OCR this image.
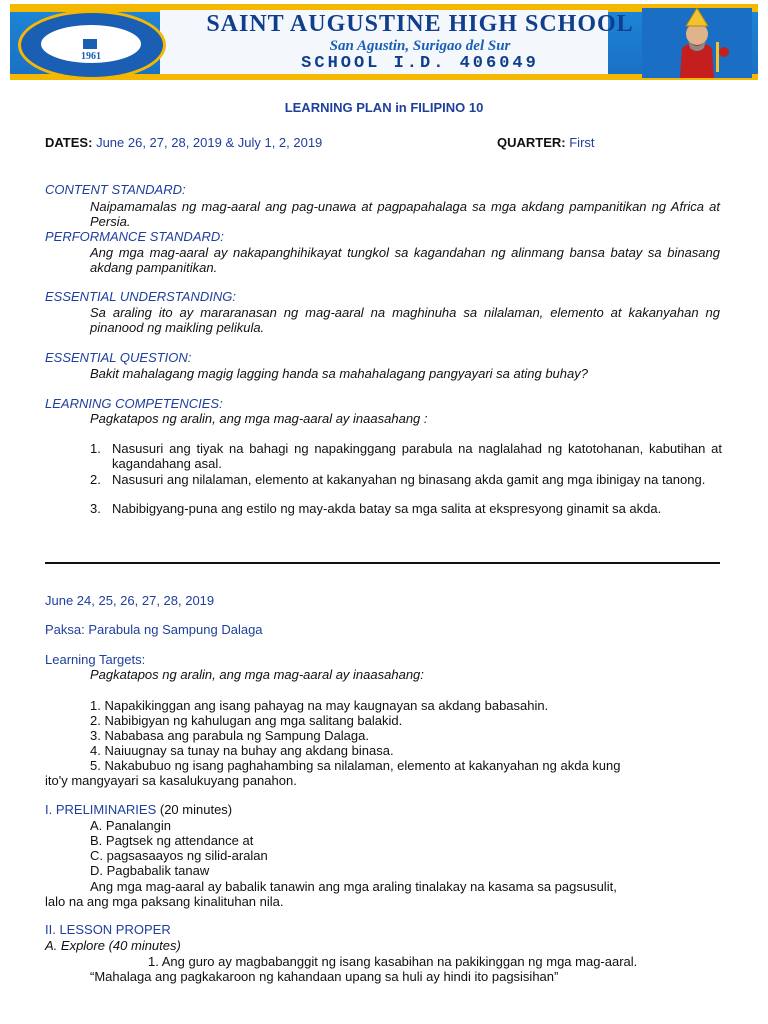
1961
SAINT AUGUSTINE HIGH SCHOOL
San Agustin, Surigao del Sur
SCHOOL I.D. 406049
LEARNING PLAN in FILIPINO 10
DATES: June 26, 27, 28, 2019 & July 1, 2, 2019	QUARTER: First
CONTENT STANDARD:
Naipamamalas ng mag-aaral ang pag-unawa at pagpapahalaga sa mga akdang pampanitikan ng Africa at Persia.
PERFORMANCE STANDARD:
Ang mga mag-aaral ay nakapanghihikayat tungkol sa kagandahan ng alinmang bansa batay sa binasang akdang pampanitikan.
ESSENTIAL UNDERSTANDING:
Sa araling ito ay mararanasan ng mag-aaral na maghinuha sa nilalaman, elemento at kakanyahan ng pinanood ng maikling pelikula.
ESSENTIAL QUESTION:
Bakit mahalagang magig lagging handa sa mahahalagang pangyayari sa ating buhay?
LEARNING COMPETENCIES:
Pagkatapos ng aralin, ang mga mag-aaral ay inaasahang :
1. Nasusuri ang tiyak na bahagi ng napakinggang parabula na naglalahad ng katotohanan, kabutihan at kagandahang asal.
2. Nasusuri ang nilalaman, elemento at kakanyahan ng binasang akda gamit ang mga ibinigay na tanong.
3. Nabibigyang-puna ang estilo ng may-akda batay sa mga salita at ekspresyong ginamit sa akda.
June 24, 25, 26, 27, 28, 2019
Paksa: Parabula ng Sampung Dalaga
Learning Targets:
Pagkatapos ng aralin, ang mga mag-aaral ay inaasahang:
1. Napakikinggan ang isang pahayag na may kaugnayan sa akdang babasahin.
2. Nabibigyan ng kahulugan ang mga salitang balakid.
3. Nababasa ang parabula ng Sampung Dalaga.
4. Naiuugnay sa tunay na buhay ang akdang binasa.
5. Nakabubuo ng isang paghahambing sa nilalaman, elemento at kakanyahan ng akda kung
ito'y mangyayari sa kasalukuyang panahon.
I. PRELIMINARIES (20 minutes)
A. Panalangin
B. Pagtsek ng attendance at
C. pagsasaayos ng silid-aralan
D. Pagbabalik tanaw
Ang mga mag-aaral ay babalik tanawin ang mga araling tinalakay na kasama sa pagsusulit,
lalo na ang mga paksang kinalituhan nila.
II. LESSON PROPER
A. Explore (40 minutes)
1. Ang guro ay magbabanggit ng isang kasabihan na pakikinggan ng mga mag-aaral.
“Mahalaga ang pagkakaroon ng kahandaan upang sa huli ay hindi ito pagsisihan”
